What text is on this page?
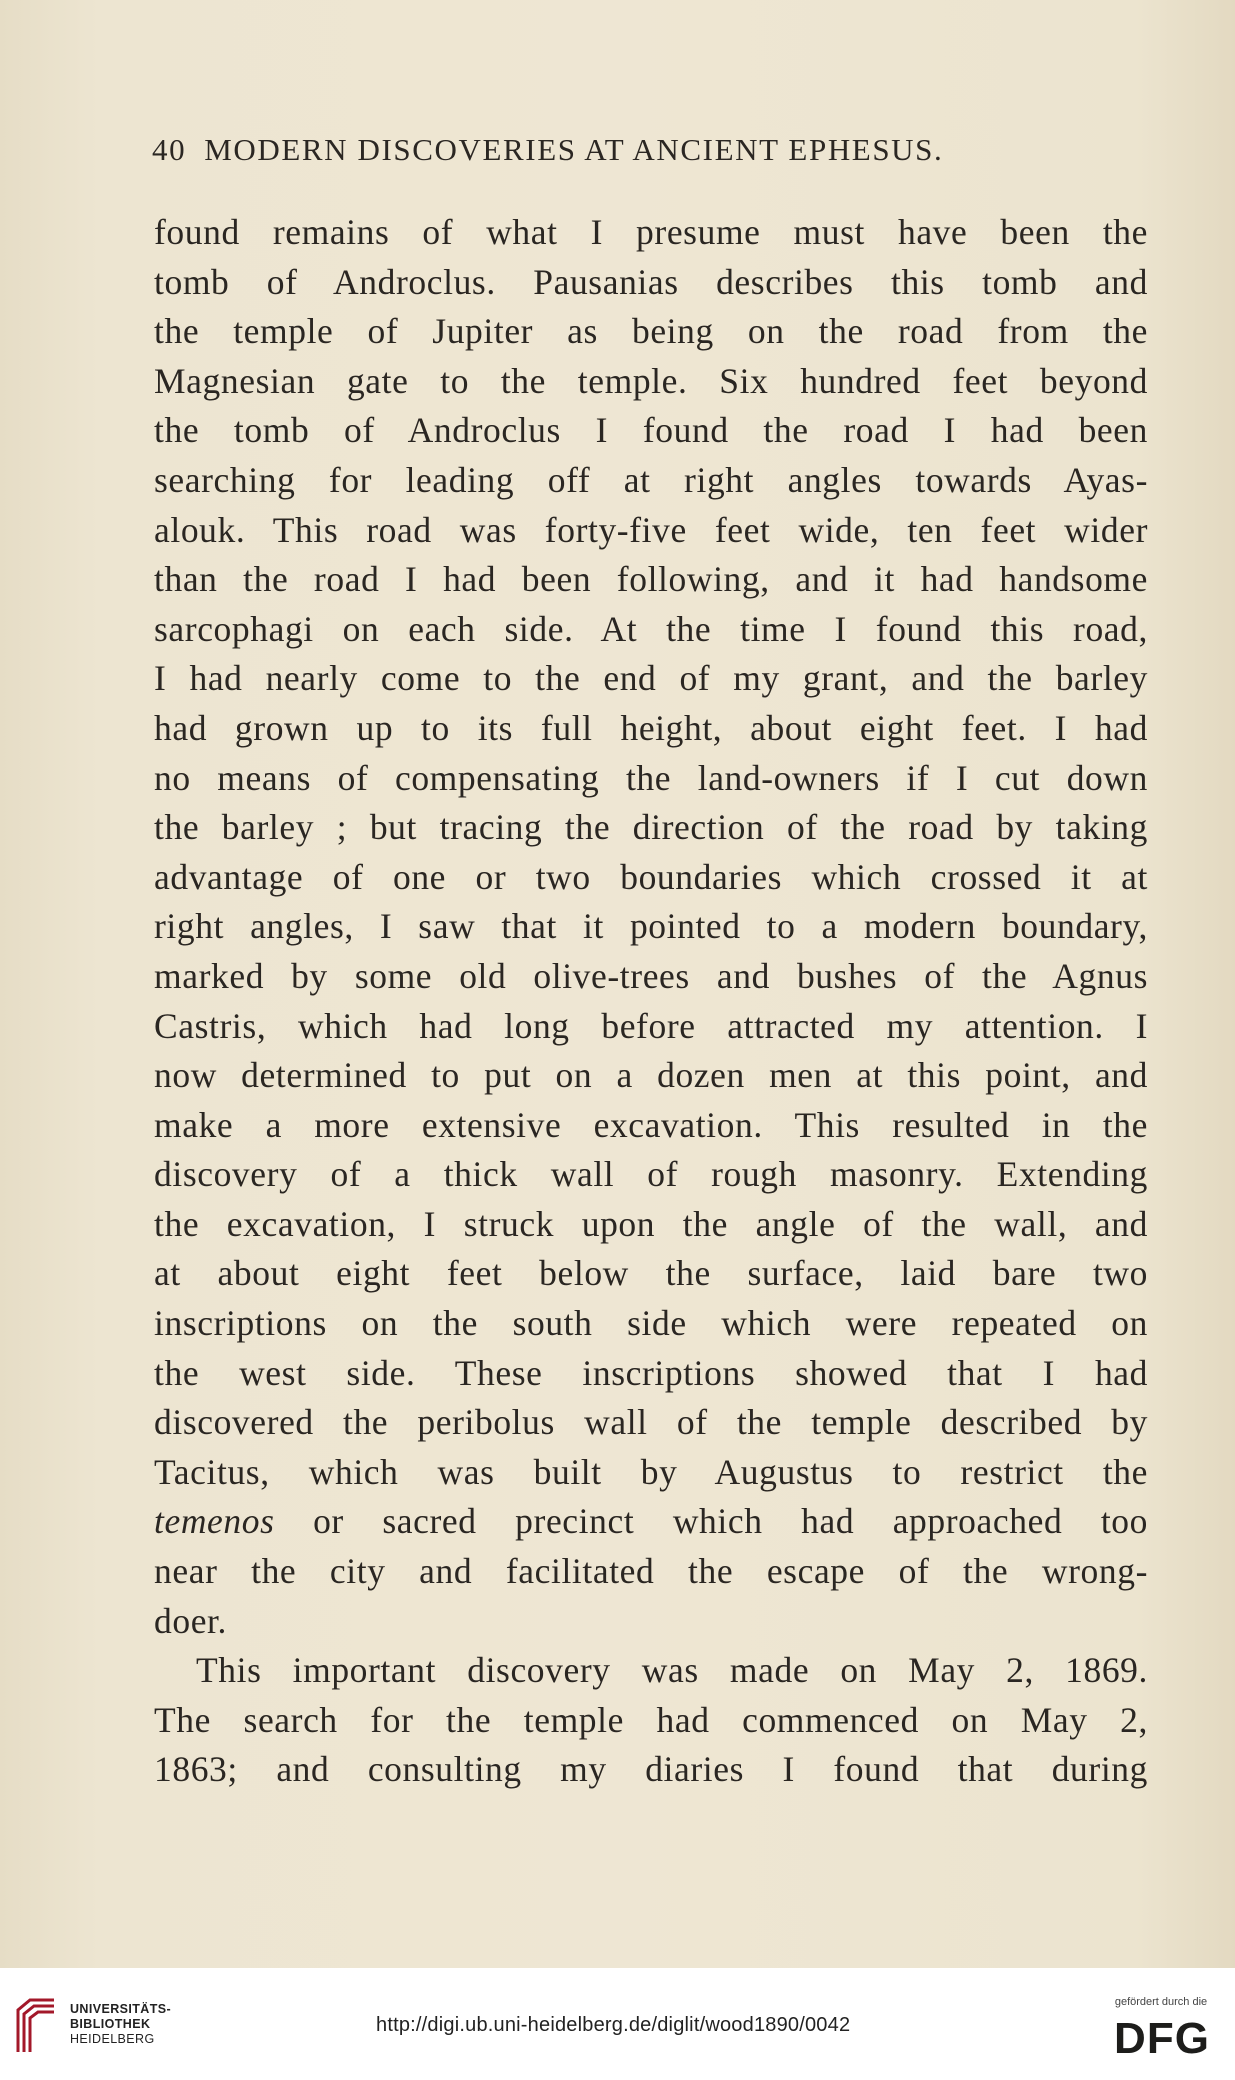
40 MODERN DISCOVERIES AT ANCIENT EPHESUS.
found remains of what I presume must have been the
tomb of Androclus. Pausanias describes this tomb and
the temple of Jupiter as being on the road from the
Magnesian gate to the temple. Six hundred feet beyond
the tomb of Androclus I found the road I had been
searching for leading off at right angles towards Ayas-
alouk. This road was forty-five feet wide, ten feet wider
than the road I had been following, and it had handsome
sarcophagi on each side. At the time I found this road,
I had nearly come to the end of my grant, and the barley
had grown up to its full height, about eight feet. I had
no means of compensating the land-owners if I cut down
the barley ; but tracing the direction of the road by taking
advantage of one or two boundaries which crossed it at
right angles, I saw that it pointed to a modern boundary,
marked by some old olive-trees and bushes of the Agnus
Castris, which had long before attracted my attention. I
now determined to put on a dozen men at this point, and
make a more extensive excavation. This resulted in the
discovery of a thick wall of rough masonry. Extending
the excavation, I struck upon the angle of the wall, and
at about eight feet below the surface, laid bare two
inscriptions on the south side which were repeated on
the west side. These inscriptions showed that I had
discovered the peribolus wall of the temple described by
Tacitus, which was built by Augustus to restrict the
temenos or sacred precinct which had approached too
near the city and facilitated the escape of the wrong-
doer.
This important discovery was made on May 2, 1869.
The search for the temple had commenced on May 2,
1863; and consulting my diaries I found that during
UNIVERSITÄTS-
BIBLIOTHEK
HEIDELBERG
http://digi.ub.uni-heidelberg.de/diglit/wood1890/0042
gefördert durch die
DFG
